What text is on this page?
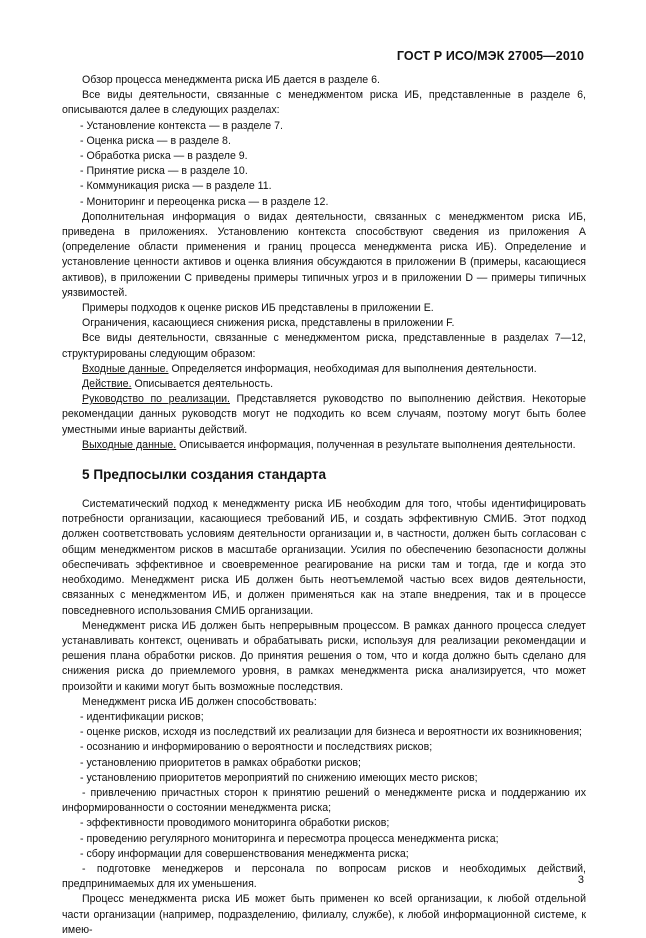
ГОСТ Р ИСО/МЭК 27005—2010

Обзор процесса менеджмента риска ИБ дается в разделе 6.

Все виды деятельности, связанные с менеджментом риска ИБ, представленные в разделе 6, описываются далее в следующих разделах:

- Установление контекста — в разделе 7.

- Оценка риска — в разделе 8.

- Обработка риска — в разделе 9.

- Принятие риска — в разделе 10.

- Коммуникация риска — в разделе 11.

- Мониторинг и переоценка риска — в разделе 12.

Дополнительная информация о видах деятельности, связанных с менеджментом риска ИБ, приведена в приложениях. Установлению контекста способствуют сведения из приложения А (определение области применения и границ процесса менеджмента риска ИБ). Определение и установление ценности активов и оценка влияния обсуждаются в приложении В (примеры, касающиеся активов), в приложении С приведены примеры типичных угроз и в приложении D — примеры типичных уязвимостей.

Примеры подходов к оценке рисков ИБ представлены в приложении Е.

Ограничения, касающиеся снижения риска, представлены в приложении F.

Все виды деятельности, связанные с менеджментом риска, представленные в разделах 7—12, структурированы следующим образом:

Входные данные. Определяется информация, необходимая для выполнения деятельности.

Действие. Описывается деятельность.

Руководство по реализации. Представляется руководство по выполнению действия. Некоторые рекомендации данных руководств могут не подходить ко всем случаям, поэтому могут быть более уместными иные варианты действий.

Выходные данные. Описывается информация, полученная в результате выполнения деятельности.

5 Предпосылки создания стандарта

Систематический подход к менеджменту риска ИБ необходим для того, чтобы идентифицировать потребности организации, касающиеся требований ИБ, и создать эффективную СМИБ. Этот подход должен соответствовать условиям деятельности организации и, в частности, должен быть согласован с общим менеджментом рисков в масштабе организации. Усилия по обеспечению безопасности должны обеспечивать эффективное и своевременное реагирование на риски там и тогда, где и когда это необходимо. Менеджмент риска ИБ должен быть неотъемлемой частью всех видов деятельности, связанных с менеджментом ИБ, и должен применяться как на этапе внедрения, так и в процессе повседневного использования СМИБ организации.

Менеджмент риска ИБ должен быть непрерывным процессом. В рамках данного процесса следует устанавливать контекст, оценивать и обрабатывать риски, используя для реализации рекомендации и решения плана обработки рисков. До принятия решения о том, что и когда должно быть сделано для снижения риска до приемлемого уровня, в рамках менеджмента риска анализируется, что может произойти и какими могут быть возможные последствия.

Менеджмент риска ИБ должен способствовать:

- идентификации рисков;

- оценке рисков, исходя из последствий их реализации для бизнеса и вероятности их возникновения;

- осознанию и информированию о вероятности и последствиях рисков;

- установлению приоритетов в рамках обработки рисков;

- установлению приоритетов мероприятий по снижению имеющих место рисков;

- привлечению причастных сторон к принятию решений о менеджменте риска и поддержанию их информированности о состоянии менеджмента риска;

- эффективности проводимого мониторинга обработки рисков;

- проведению регулярного мониторинга и пересмотра процесса менеджмента риска;

- сбору информации для совершенствования менеджмента риска;

- подготовке менеджеров и персонала по вопросам рисков и необходимых действий, предпринимаемых для их уменьшения.

Процесс менеджмента риска ИБ может быть применен ко всей организации, к любой отдельной части организации (например, подразделению, филиалу, службе), к любой информационной системе, к имею-

3
